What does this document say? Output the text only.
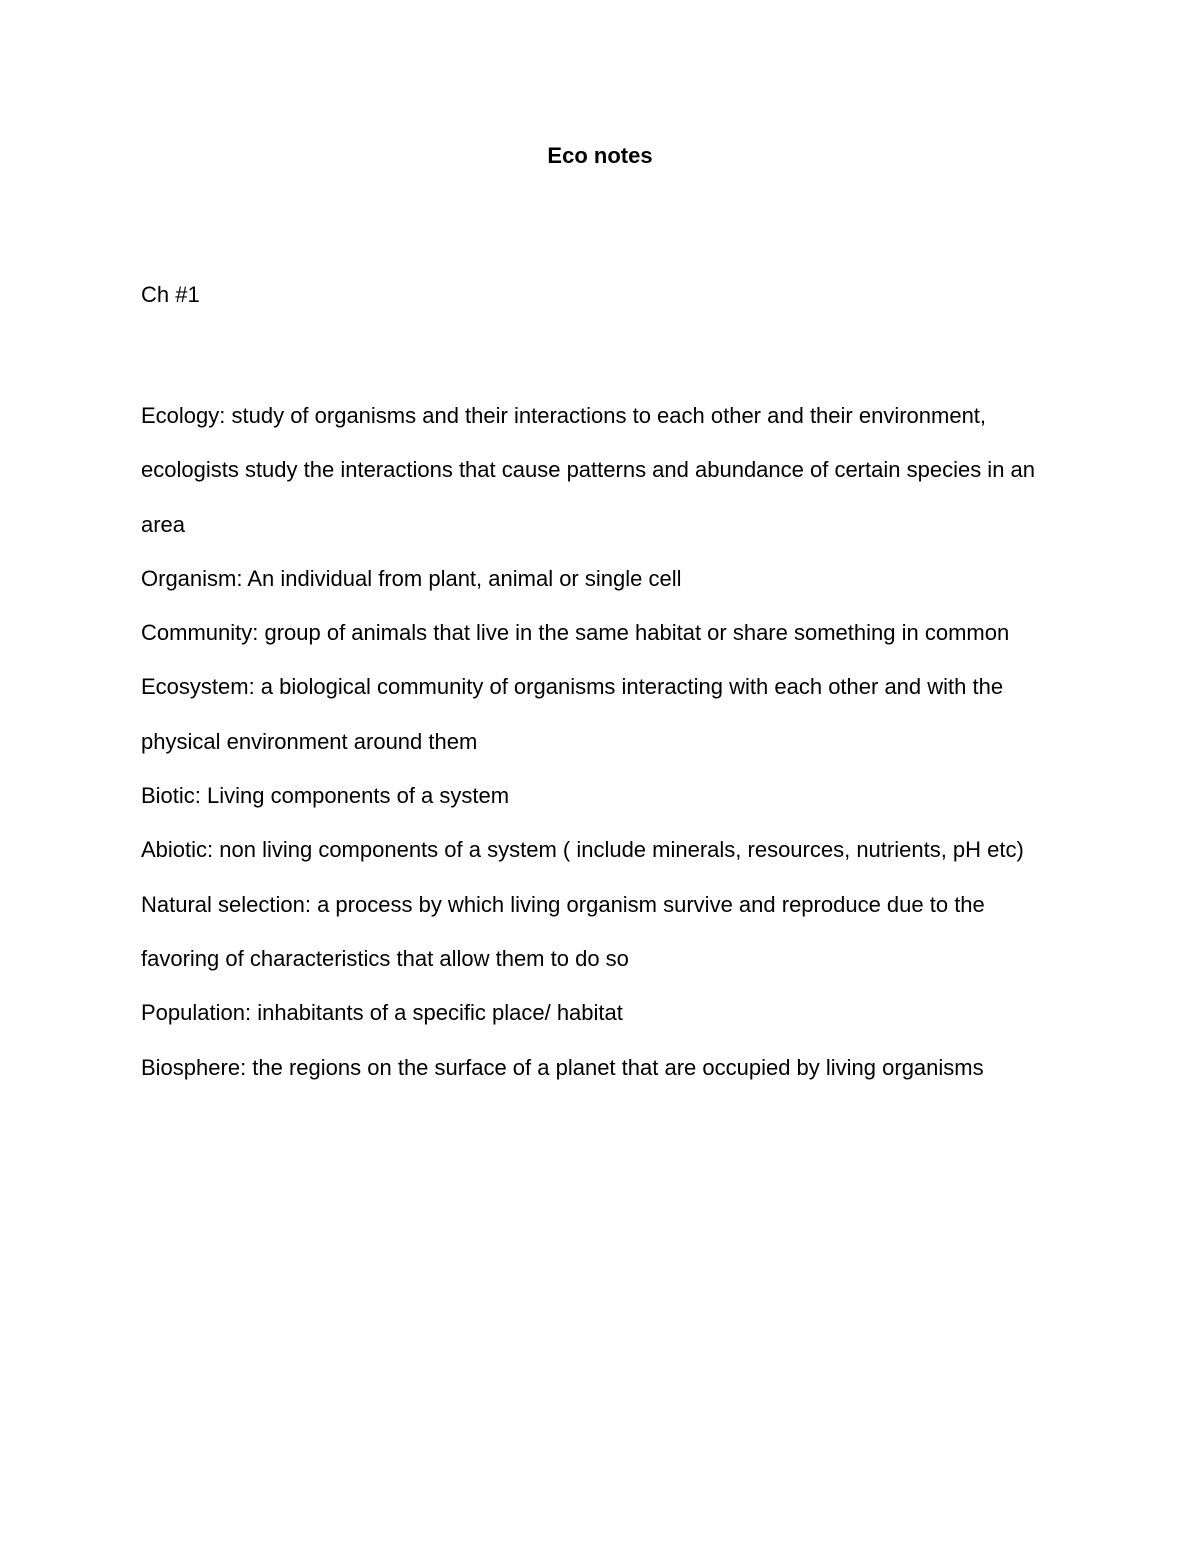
Eco notes
Ch #1

Ecology: study of organisms and their interactions to each other and their environment, ecologists study the interactions that cause patterns and abundance of certain species in an area

Organism: An individual from plant, animal or single cell

Community: group of animals that live in the same habitat or share something in common

Ecosystem: a biological community of organisms interacting with each other and with the physical environment around them

Biotic: Living components of a system

Abiotic: non living components of a system ( include minerals, resources, nutrients, pH etc)

Natural selection: a process by which living organism survive and reproduce due to the favoring of characteristics that allow them to do so

Population: inhabitants of a specific place/ habitat

Biosphere: the regions on the surface of a planet that are occupied by living organisms
